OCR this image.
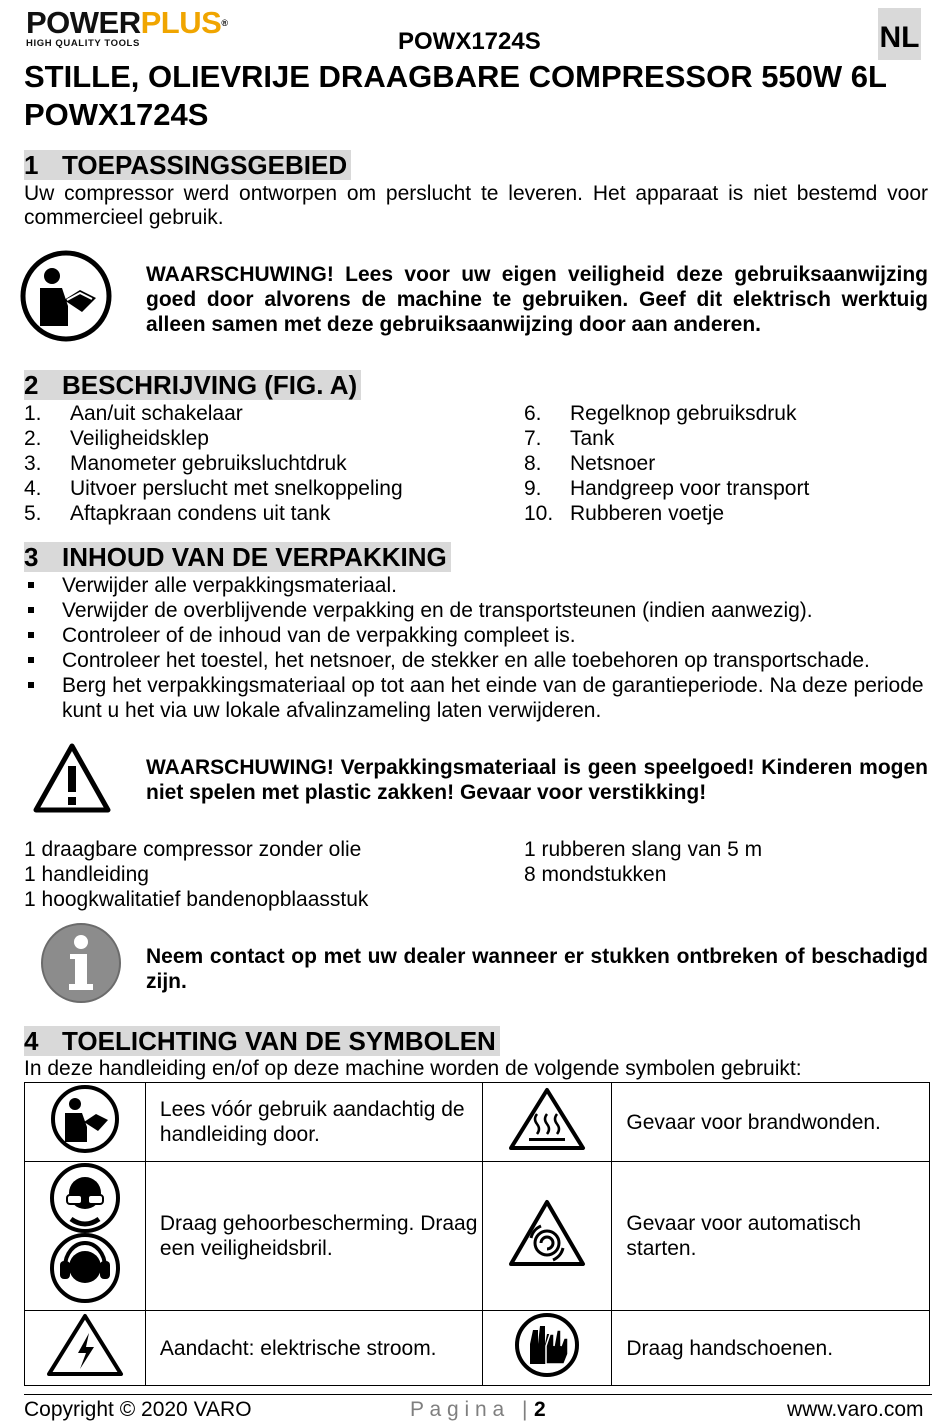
POWERPLUS®
HIGH QUALITY TOOLS	POWX1724S	NL
STILLE, OLIEVRIJE DRAAGBARE COMPRESSOR 550W 6L
POWX1724S
1 TOEPASSINGSGEBIED
Uw compressor werd ontworpen om perslucht te leveren. Het apparaat is niet bestemd voor commercieel gebruik.
WAARSCHUWING! Lees voor uw eigen veiligheid deze gebruiksaanwijzing goed door alvorens de machine te gebruiken. Geef dit elektrisch werktuig alleen samen met deze gebruiksaanwijzing door aan anderen.
2 BESCHRIJVING (FIG. A)
1. Aan/uit schakelaar
2. Veiligheidsklep
3. Manometer gebruiksluchtdruk
4. Uitvoer perslucht met snelkoppeling
5. Aftapkraan condens uit tank
6. Regelknop gebruiksdruk
7. Tank
8. Netsnoer
9. Handgreep voor transport
10. Rubberen voetje
3 INHOUD VAN DE VERPAKKING
Verwijder alle verpakkingsmateriaal.
Verwijder de overblijvende verpakking en de transportsteunen (indien aanwezig).
Controleer of de inhoud van de verpakking compleet is.
Controleer het toestel, het netsnoer, de stekker en alle toebehoren op transportschade.
Berg het verpakkingsmateriaal op tot aan het einde van de garantieperiode. Na deze periode kunt u het via uw lokale afvalinzameling laten verwijderen.
WAARSCHUWING! Verpakkingsmateriaal is geen speelgoed! Kinderen mogen niet spelen met plastic zakken! Gevaar voor verstikking!
1 draagbare compressor zonder olie
1 handleiding
1 hoogkwalitatief bandenopblaasstuk
1 rubberen slang van 5 m
8 mondstukken
Neem contact op met uw dealer wanneer er stukken ontbreken of beschadigd zijn.
4 TOELICHTING VAN DE SYMBOLEN
In deze handleiding en/of op deze machine worden de volgende symbolen gebruikt:
	Lees vóór gebruik aandachtig de handleiding door.		Gevaar voor brandwonden.
	Draag gehoorbescherming. Draag een veiligheidsbril.		Gevaar voor automatisch starten.
	Aandacht: elektrische stroom.		Draag handschoenen.
Copyright © 2020 VARO	P a g i n a | 2	www.varo.com
